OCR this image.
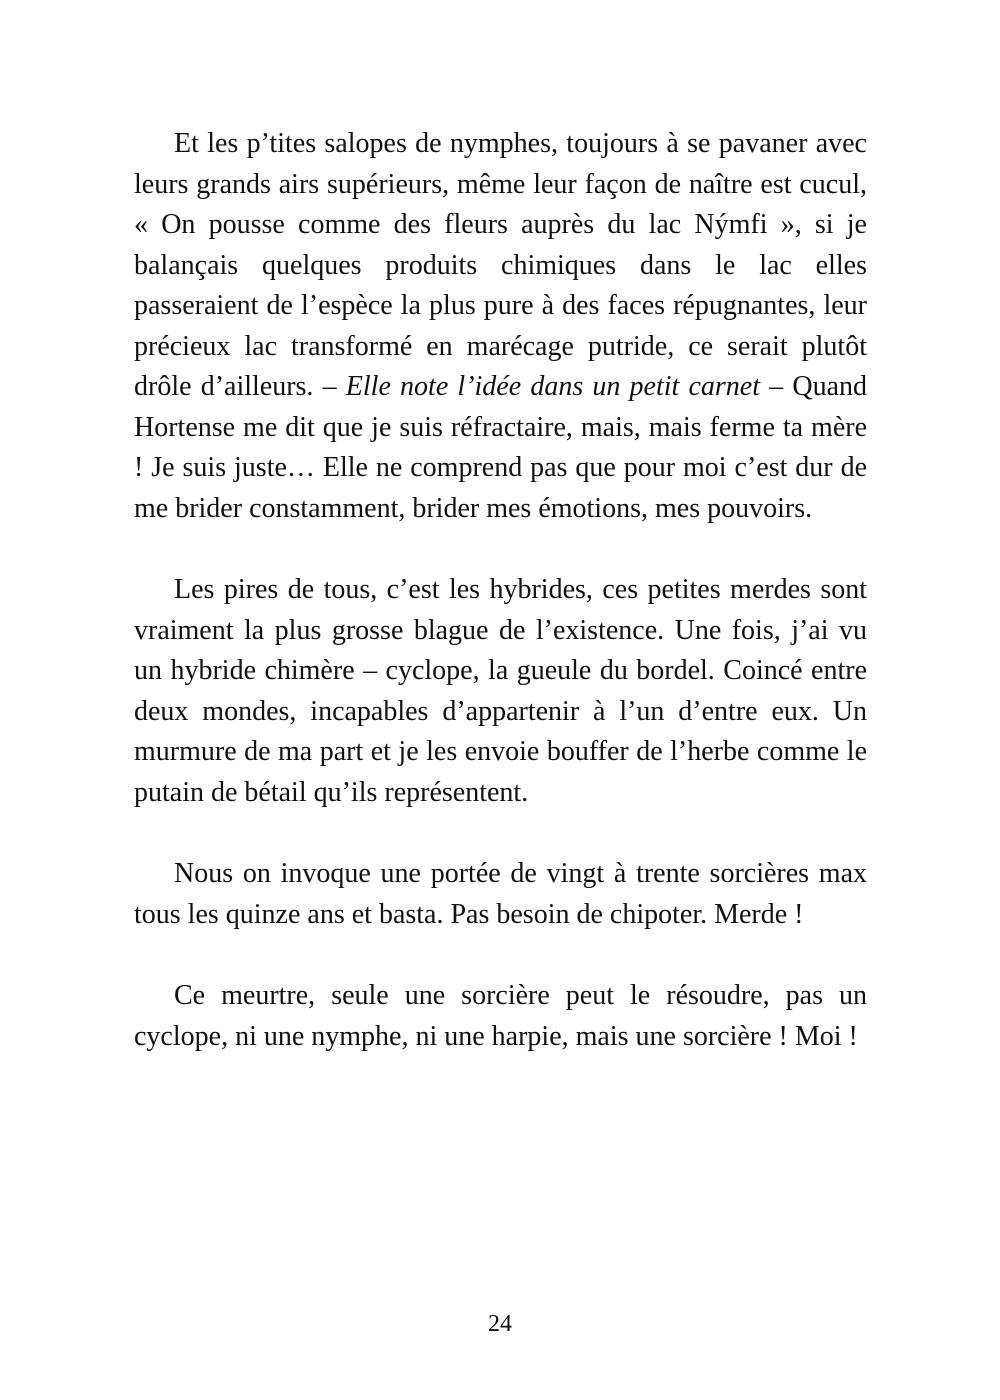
Et les p’tites salopes de nymphes, toujours à se pavaner avec leurs grands airs supérieurs, même leur façon de naître est cucul, « On pousse comme des fleurs auprès du lac Nýmfi », si je balançais quelques produits chimiques dans le lac elles passeraient de l’espèce la plus pure à des faces répugnantes, leur précieux lac transformé en marécage putride, ce serait plutôt drôle d’ailleurs. – Elle note l’idée dans un petit carnet – Quand Hortense me dit que je suis réfractaire, mais, mais ferme ta mère ! Je suis juste… Elle ne comprend pas que pour moi c’est dur de me brider constamment, brider mes émotions, mes pouvoirs.

Les pires de tous, c’est les hybrides, ces petites merdes sont vraiment la plus grosse blague de l’existence. Une fois, j’ai vu un hybride chimère – cyclope, la gueule du bordel. Coincé entre deux mondes, incapables d’appartenir à l’un d’entre eux. Un murmure de ma part et je les envoie bouffer de l’herbe comme le putain de bétail qu’ils représentent.

Nous on invoque une portée de vingt à trente sorcières max tous les quinze ans et basta. Pas besoin de chipoter. Merde !

Ce meurtre, seule une sorcière peut le résoudre, pas un cyclope, ni une nymphe, ni une harpie, mais une sorcière ! Moi !

24
